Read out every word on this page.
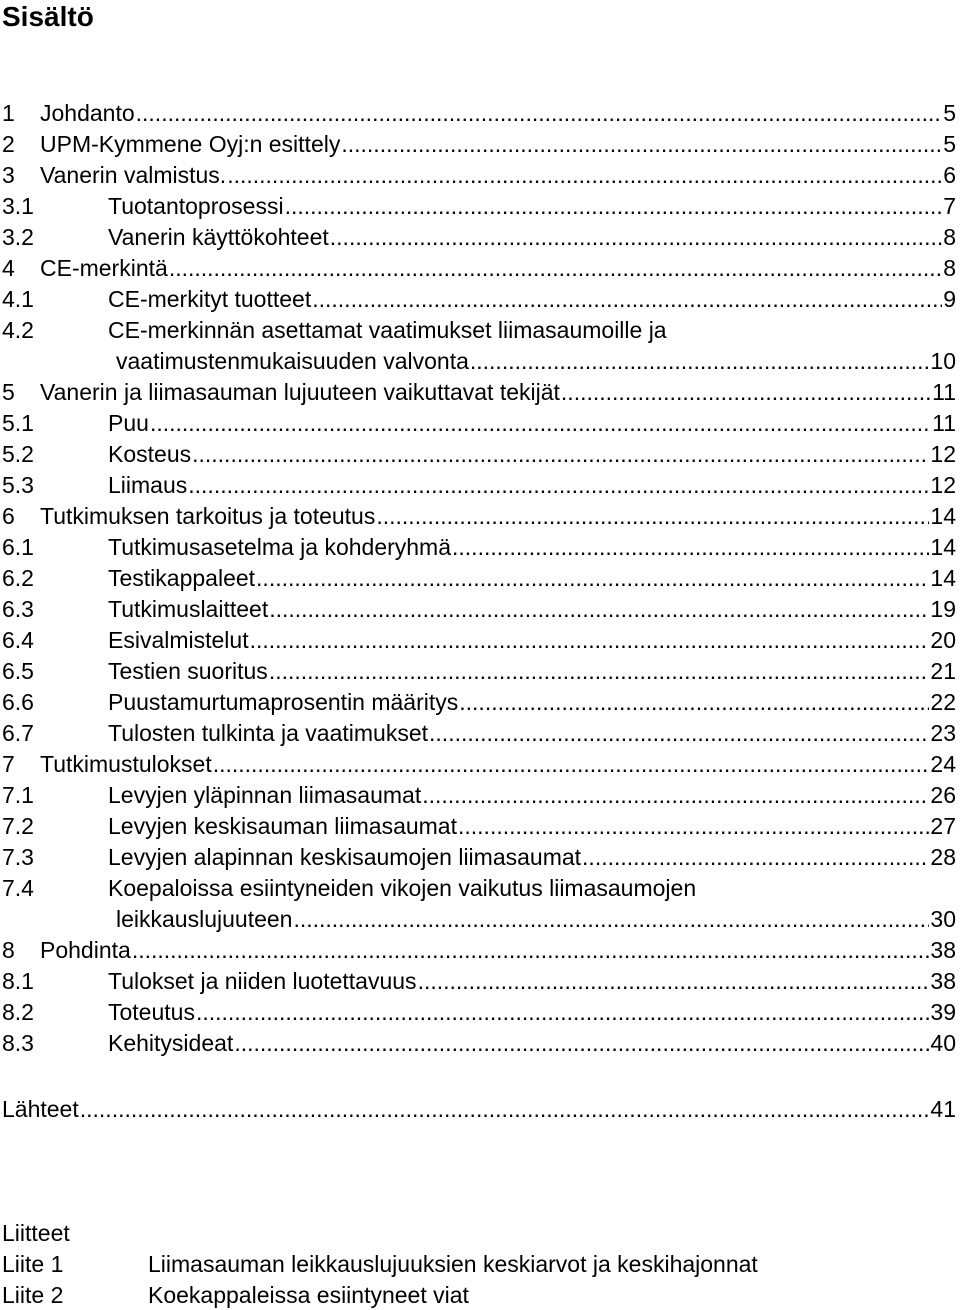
Sisältö
1 Johdanto .....	5
2 UPM-Kymmene Oyj:n esittely .....	5
3 Vanerin valmistus. .....	6
3.1	Tuotantoprosessi .....	7
3.2	Vanerin käyttökohteet .....	8
4 CE-merkintä .....	8
4.1	CE-merkityt tuotteet .....	9
4.2	CE-merkinnän asettamat vaatimukset liimasaumoille ja
vaatimustenmukaisuuden valvonta .....	10
5 Vanerin ja liimasauman lujuuteen vaikuttavat tekijät .....	11
5.1	Puu .....	11
5.2	Kosteus .....	12
5.3	Liimaus .....	12
6 Tutkimuksen tarkoitus ja toteutus .....	14
6.1	Tutkimusasetelma ja kohderyhmä .....	14
6.2	Testikappaleet .....	14
6.3	Tutkimuslaitteet .....	19
6.4	Esivalmistelut .....	20
6.5	Testien suoritus .....	21
6.6	Puustamurtumaprosentin määritys .....	22
6.7	Tulosten tulkinta ja vaatimukset .....	23
7 Tutkimustulokset .....	24
7.1	Levyjen yläpinnan liimasaumat .....	26
7.2	Levyjen keskisauman liimasaumat .....	27
7.3	Levyjen alapinnan keskisaumojen liimasaumat .....	28
7.4	Koepaloissa esiintyneiden vikojen vaikutus liimasaumojen
leikkauslujuuteen .....	30
8 Pohdinta .....	38
8.1	Tulokset ja niiden luotettavuus .....	38
8.2	Toteutus .....	39
8.3	Kehitysideat .....	40
Lähteet .....	41
Liitteet
Liite 1	Liimasauman leikkauslujuuksien keskiarvot ja keskihajonnat
Liite 2	Koekappaleissa esiintyneet viat
